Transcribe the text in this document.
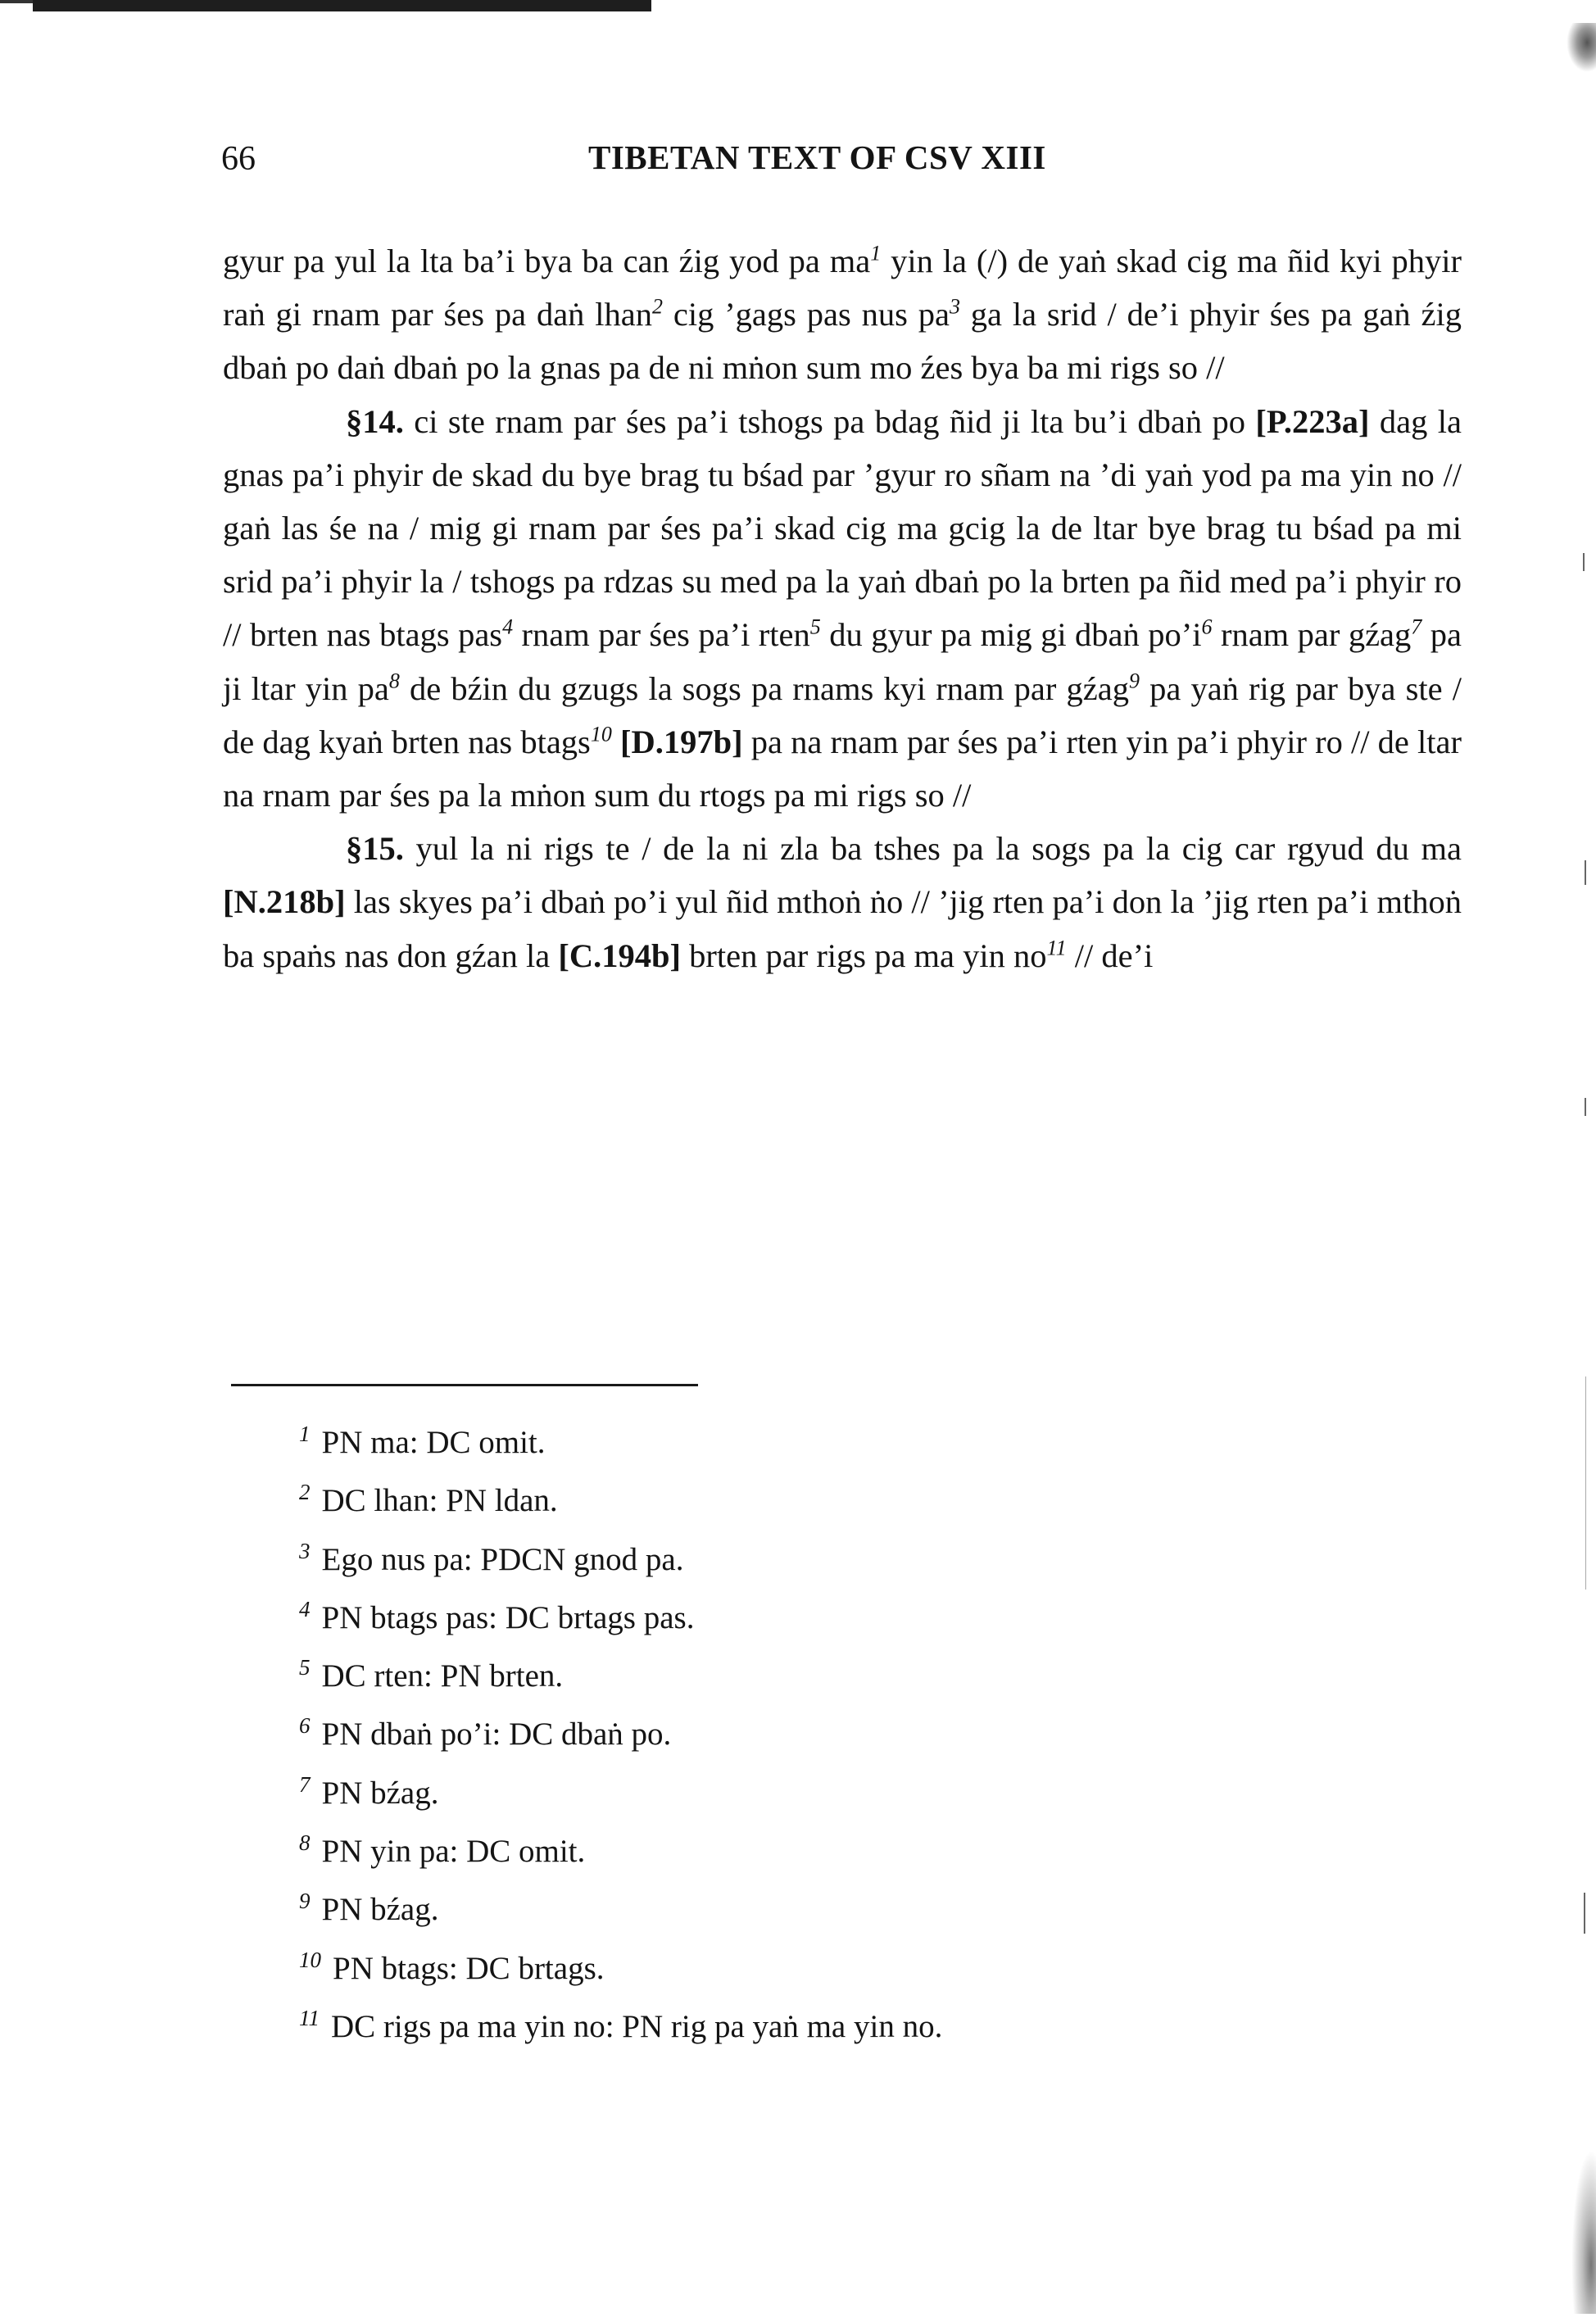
66	TIBETAN TEXT OF CSV XIII

gyur pa yul la lta ba’i bya ba can źig yod pa $ma^1$ yin la (/) de yaṅ skad cig ma ñid kyi phyir raṅ gi rnam par śes pa daṅ lhan$^2$ cig ’gags pas nus $pa^3$ ga la srid / de’i phyir śes pa gaṅ źig dbaṅ po daṅ dbaṅ po la gnas pa de ni mṅon sum mo źes bya ba mi rigs so //

§14. ci ste rnam par śes pa’i tshogs pa bdag ñid ji lta bu’i dbaṅ po [P.223a] dag la gnas pa’i phyir de skad du bye brag tu bśad par ’gyur ro sñam na ’di yaṅ yod pa ma yin no // gaṅ las śe na / mig gi rnam par śes pa’i skad cig ma gcig la de ltar bye brag tu bśad pa mi srid pa’i phyir la / tshogs pa rdzas su med pa la yaṅ dbaṅ po la brten pa ñid med pa’i phyir ro // brten nas btags pas$^4$ rnam par śes pa’i rten$^5$ du gyur pa mig gi dbaṅ $po’i^6$ rnam par gźag$^7$ pa ji ltar yin $pa^8$ de bźin du gzugs la sogs pa rnams kyi rnam par gźag$^9$ pa yaṅ rig par bya ste / de dag kyaṅ brten nas btags$^{10}$ [D.197b] pa na rnam par śes pa’i rten yin pa’i phyir ro // de ltar na rnam par śes pa la mṅon sum du rtogs pa mi rigs so //

§15. yul la ni rigs te / de la ni zla ba tshes pa la sogs pa la cig car rgyud du ma [N.218b] las skyes pa’i dbaṅ po’i yul ñid mthoṅ ṅo // ’jig rten pa’i don la ’jig rten pa’i mthoṅ ba spaṅs nas don gźan la [C.194b] brten par rigs pa ma yin $no^{11}$ // de’i

$^1$ PN ma: DC omit.
$^2$ DC lhan: PN ldan.
$^3$ Ego nus pa: PDCN gnod pa.
$^4$ PN btags pas: DC brtags pas.
$^5$ DC rten: PN brten.
$^6$ PN dbaṅ po’i: DC dbaṅ po.
$^7$ PN bźag.
$^8$ PN yin pa: DC omit.
$^9$ PN bźag.
$^{10}$ PN btags: DC brtags.
$^{11}$ DC rigs pa ma yin no: PN rig pa yaṅ ma yin no.
